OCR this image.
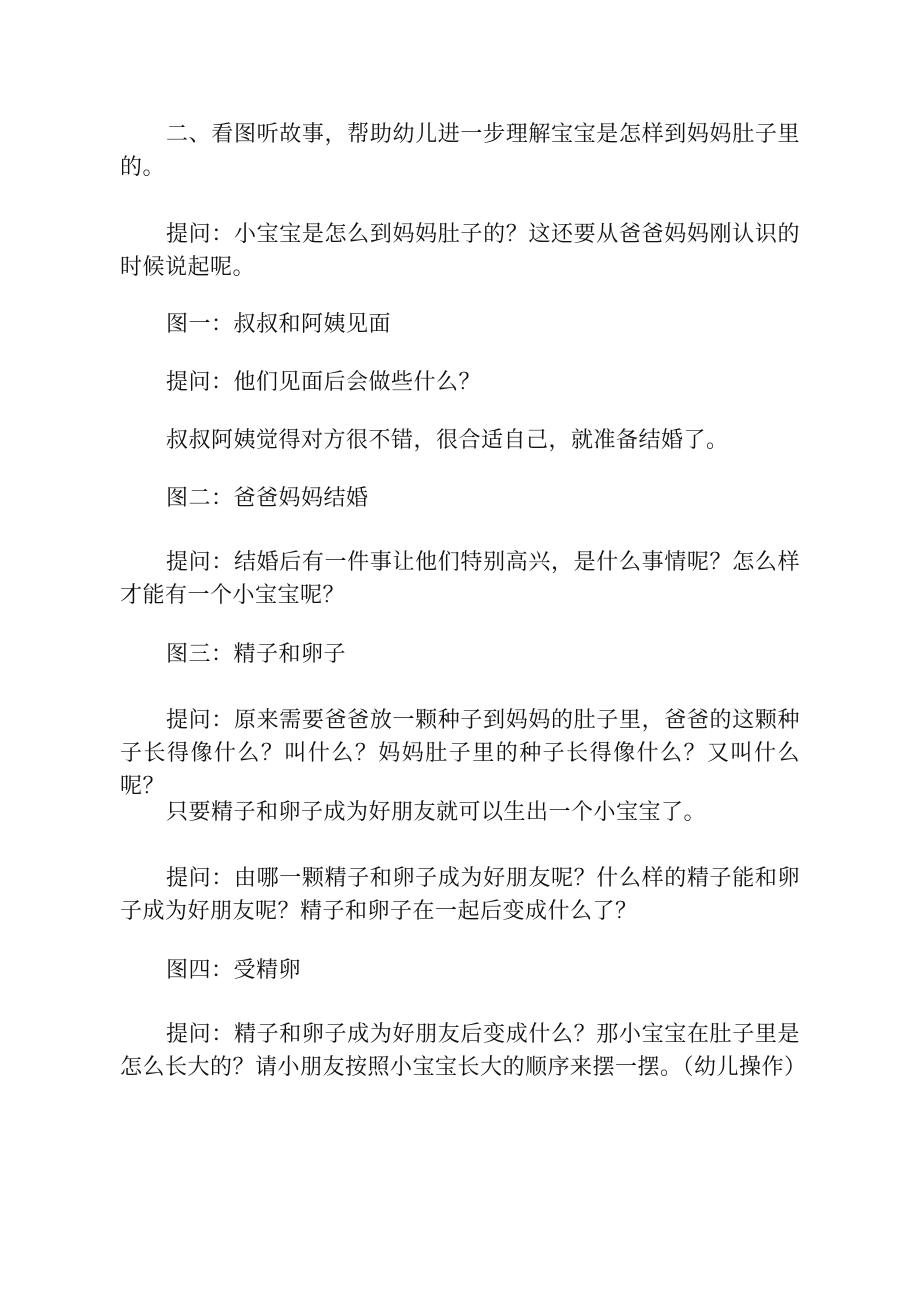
二、看图听故事，帮助幼儿进一步理解宝宝是怎样到妈妈肚子里的。

提问：小宝宝是怎么到妈妈肚子的？这还要从爸爸妈妈刚认识的时候说起呢。

图一：叔叔和阿姨见面

提问：他们见面后会做些什么？

叔叔阿姨觉得对方很不错，很合适自己，就准备结婚了。

图二：爸爸妈妈结婚

提问：结婚后有一件事让他们特别高兴，是什么事情呢？怎么样才能有一个小宝宝呢？

图三：精子和卵子

提问：原来需要爸爸放一颗种子到妈妈的肚子里，爸爸的这颗种子长得像什么？叫什么？妈妈肚子里的种子长得像什么？又叫什么呢？

只要精子和卵子成为好朋友就可以生出一个小宝宝了。

提问：由哪一颗精子和卵子成为好朋友呢？什么样的精子能和卵子成为好朋友呢？精子和卵子在一起后变成什么了？

图四：受精卵

提问：精子和卵子成为好朋友后变成什么？那小宝宝在肚子里是怎么长大的？请小朋友按照小宝宝长大的顺序来摆一摆。（幼儿操作）
